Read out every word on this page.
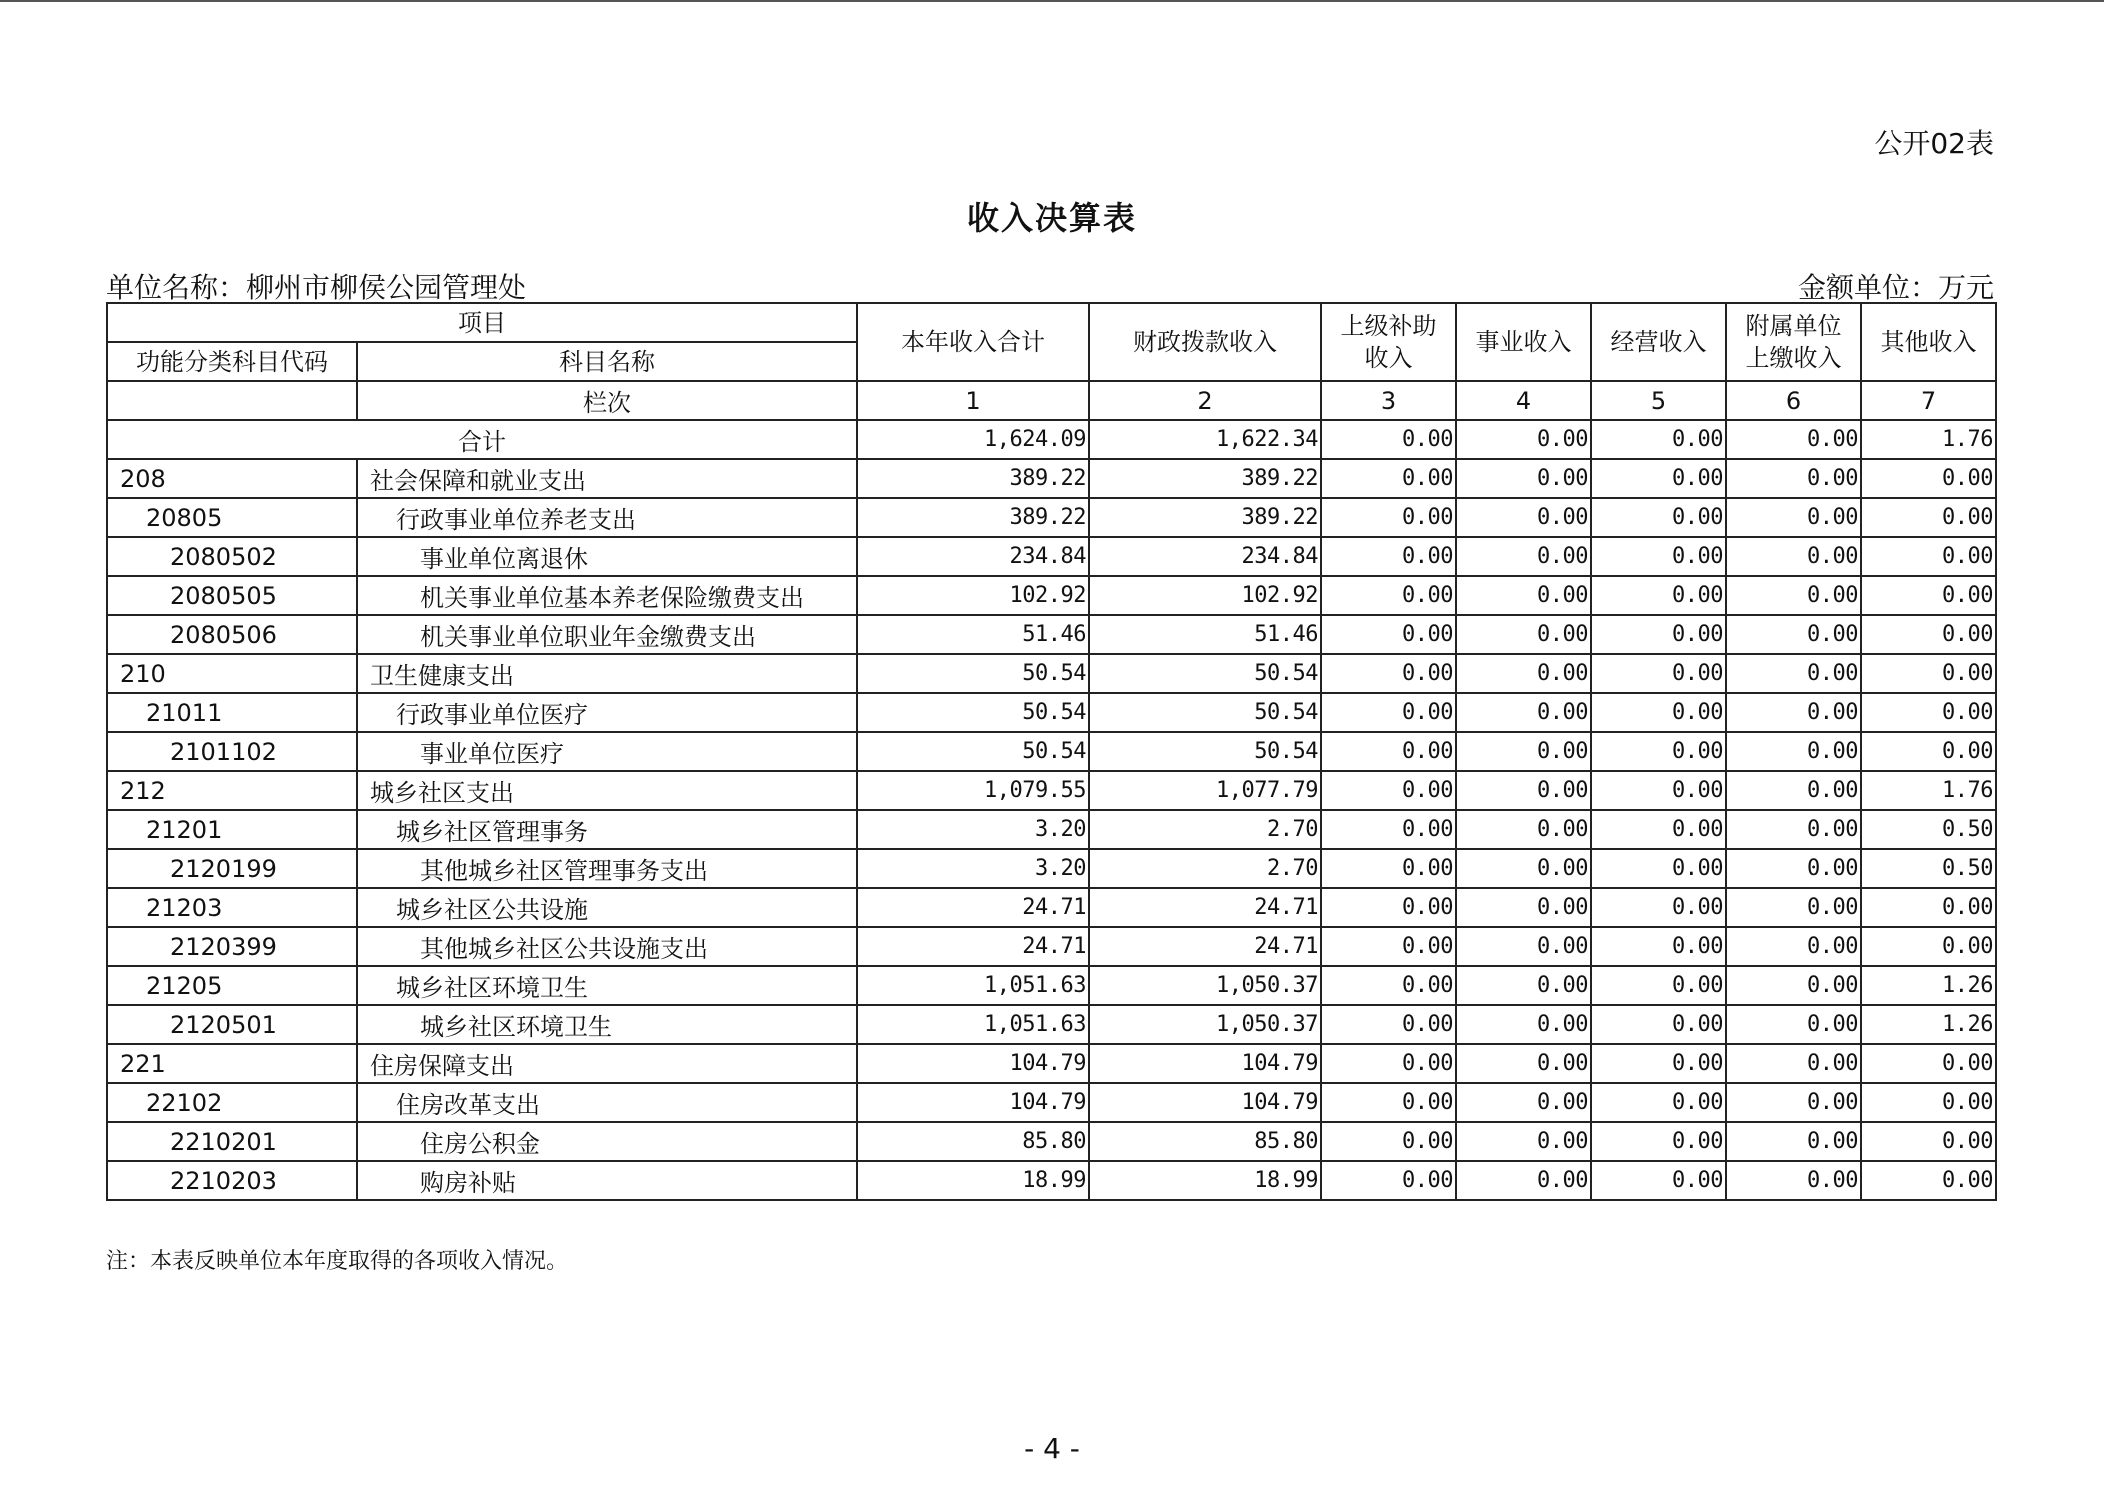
公开02表
收入决算表
单位名称：柳州市柳侯公园管理处	金额单位：万元
项目		本年收入合计	财政拨款收入	上级补助收入	事业收入	经营收入	附属单位上缴收入	其他收入
功能分类科目代码	科目名称							
	栏次	1	2	3	4	5	6	7
合计		1,624.09	1,622.34	0.00	0.00	0.00	0.00	1.76
208	社会保障和就业支出	389.22	389.22	0.00	0.00	0.00	0.00	0.00
20805	行政事业单位养老支出	389.22	389.22	0.00	0.00	0.00	0.00	0.00
2080502	事业单位离退休	234.84	234.84	0.00	0.00	0.00	0.00	0.00
2080505	机关事业单位基本养老保险缴费支出	102.92	102.92	0.00	0.00	0.00	0.00	0.00
2080506	机关事业单位职业年金缴费支出	51.46	51.46	0.00	0.00	0.00	0.00	0.00
210	卫生健康支出	50.54	50.54	0.00	0.00	0.00	0.00	0.00
21011	行政事业单位医疗	50.54	50.54	0.00	0.00	0.00	0.00	0.00
2101102	事业单位医疗	50.54	50.54	0.00	0.00	0.00	0.00	0.00
212	城乡社区支出	1,079.55	1,077.79	0.00	0.00	0.00	0.00	1.76
21201	城乡社区管理事务	3.20	2.70	0.00	0.00	0.00	0.00	0.50
2120199	其他城乡社区管理事务支出	3.20	2.70	0.00	0.00	0.00	0.00	0.50
21203	城乡社区公共设施	24.71	24.71	0.00	0.00	0.00	0.00	0.00
2120399	其他城乡社区公共设施支出	24.71	24.71	0.00	0.00	0.00	0.00	0.00
21205	城乡社区环境卫生	1,051.63	1,050.37	0.00	0.00	0.00	0.00	1.26
2120501	城乡社区环境卫生	1,051.63	1,050.37	0.00	0.00	0.00	0.00	1.26
221	住房保障支出	104.79	104.79	0.00	0.00	0.00	0.00	0.00
22102	住房改革支出	104.79	104.79	0.00	0.00	0.00	0.00	0.00
2210201	住房公积金	85.80	85.80	0.00	0.00	0.00	0.00	0.00
2210203	购房补贴	18.99	18.99	0.00	0.00	0.00	0.00	0.00
注：本表反映单位本年度取得的各项收入情况。
- 4 -
